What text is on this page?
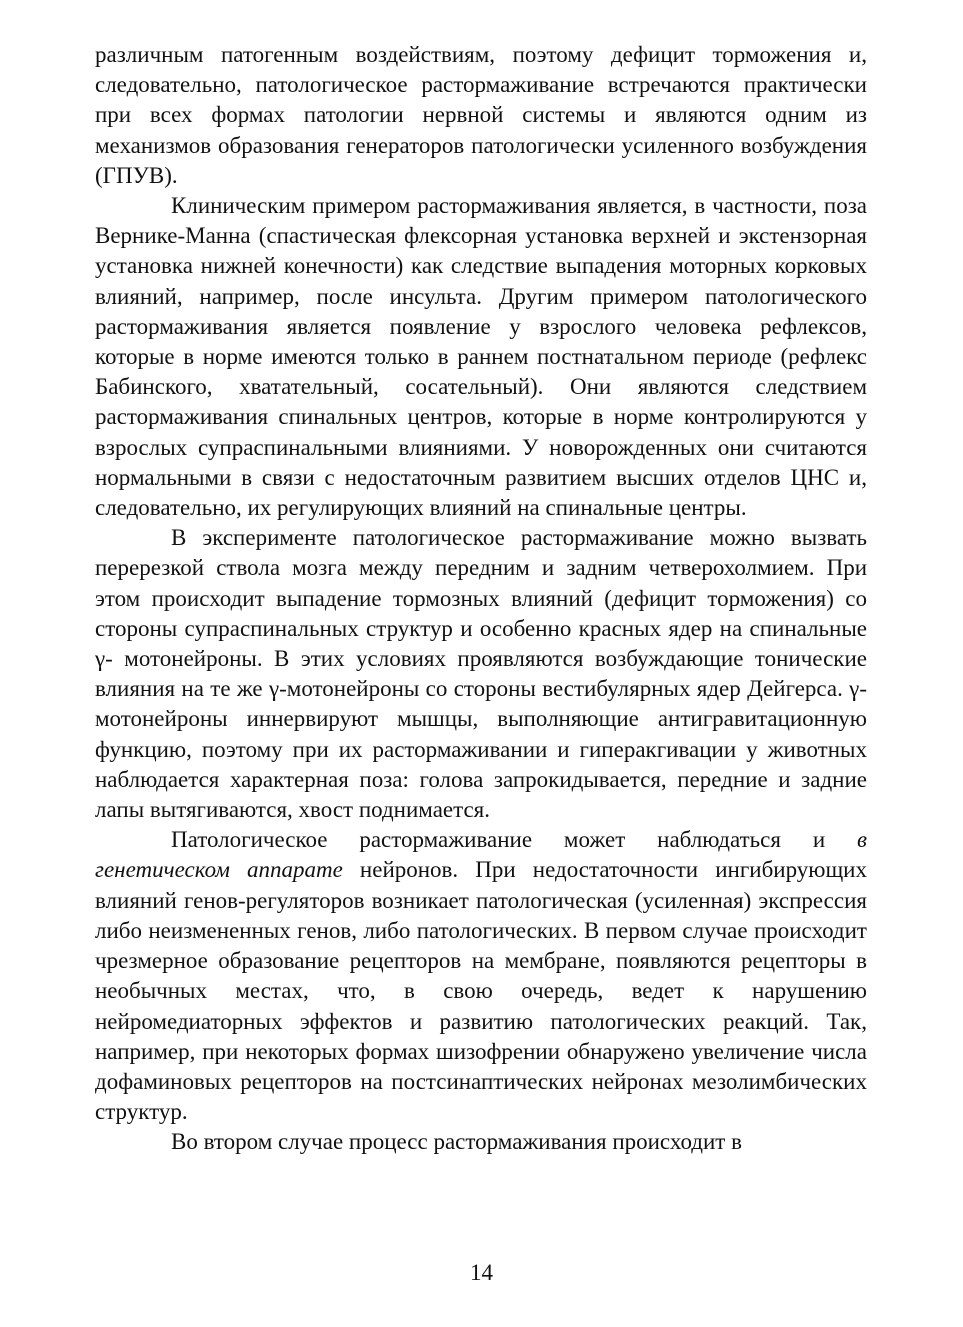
различным патогенным воздействиям, поэтому дефицит торможения и, следовательно, патологическое растормаживание встречаются практически при всех формах патологии нервной системы и являются одним из механизмов образования генераторов патологически усиленного возбуждения (ГПУВ).

Клиническим примером растормаживания является, в частности, поза Вернике-Манна (спастическая флексорная установка верхней и экстензорная установка нижней конечности) как следствие выпадения моторных корковых влияний, например, после инсульта. Другим примером патологического растормаживания является появление у взрослого человека рефлексов, которые в норме имеются только в раннем постнатальном периоде (рефлекс Бабинского, хватательный, сосательный). Они являются следствием растормаживания спинальных центров, которые в норме контролируются у взрослых супраспинальными влияниями. У новорожденных они считаются нормальными в связи с недостаточным развитием высших отделов ЦНС и, следовательно, их регулирующих влияний на спинальные центры.

В эксперименте патологическое растормаживание можно вызвать перерезкой ствола мозга между передним и задним четверохолмием. При этом происходит выпадение тормозных влияний (дефицит торможения) со стороны супраспинальных структур и особенно красных ядер на спинальные γ- мотонейроны. В этих условиях проявляются возбуждающие тонические влияния на те же γ-мотонейроны со стороны вестибулярных ядер Дейгерса. γ-мотонейроны иннервируют мышцы, выполняющие антигравитационную функцию, поэтому при их растормаживании и гиперакгивации у животных наблюдается характерная поза: голова запрокидывается, передние и задние лапы вытягиваются, хвост поднимается.

Патологическое растормаживание может наблюдаться и в генетическом аппарате нейронов. При недостаточности ингибирующих влияний генов-регуляторов возникает патологическая (усиленная) экспрессия либо неизмененных генов, либо патологических. В первом случае происходит чрезмерное образование рецепторов на мембране, появляются рецепторы в необычных местах, что, в свою очередь, ведет к нарушению нейромедиаторных эффектов и развитию патологических реакций. Так, например, при некоторых формах шизофрении обнаружено увеличение числа дофаминовых рецепторов на постсинаптических нейронах мезолимбических структур.

Во втором случае процесс растормаживания происходит в

14
